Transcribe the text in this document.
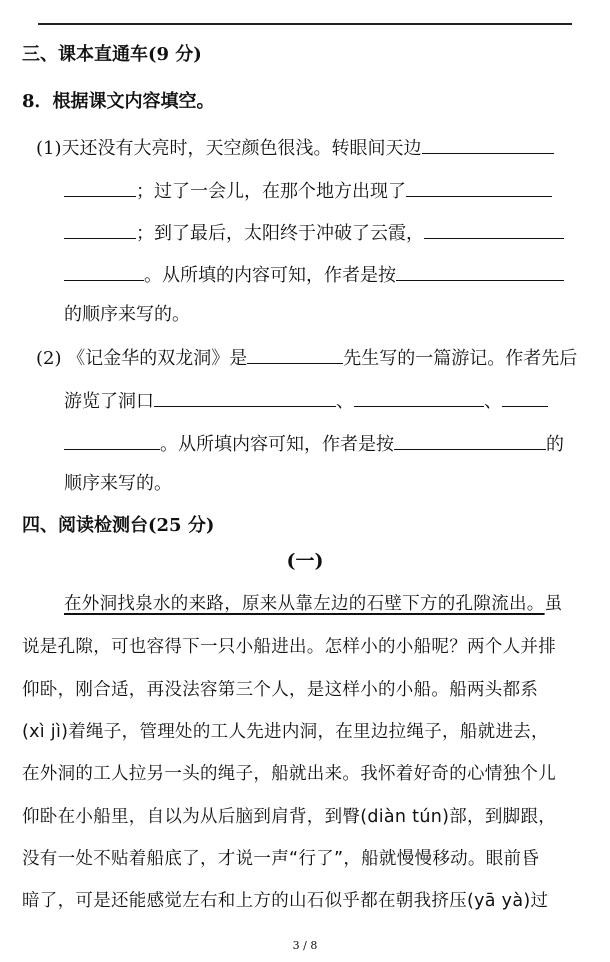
三、课本直通车(9 分)
8．根据课文内容填空。
(1)天还没有大亮时，天空颜色很浅。转眼间天边
；过了一会儿，在那个地方出现了
；到了最后，太阳终于冲破了云霞，
。从所填的内容可知，作者是按
的顺序来写的。
(2) 《记金华的双龙洞》是	先生写的一篇游记。作者先后
游览了洞口	、	、
。从所填内容可知，作者是按	的
顺序来写的。
四、阅读检测台(25 分)
(一)
在外洞找泉水的来路，原来从靠左边的石壁下方的孔隙流出。虽
说是孔隙，可也容得下一只小船进出。怎样小的小船呢？两个人并排
仰卧，刚合适，再没法容第三个人，是这样小的小船。船两头都系
(xì jì)着绳子，管理处的工人先进内洞，在里边拉绳子，船就进去，
在外洞的工人拉另一头的绳子，船就出来。我怀着好奇的心情独个儿
仰卧在小船里，自以为从后脑到肩背，到臀(diàn tún)部，到脚跟，
没有一处不贴着船底了，才说一声“行了”，船就慢慢移动。眼前昏
暗了，可是还能感觉左右和上方的山石似乎都在朝我挤压(yā yà)过
3 / 8
